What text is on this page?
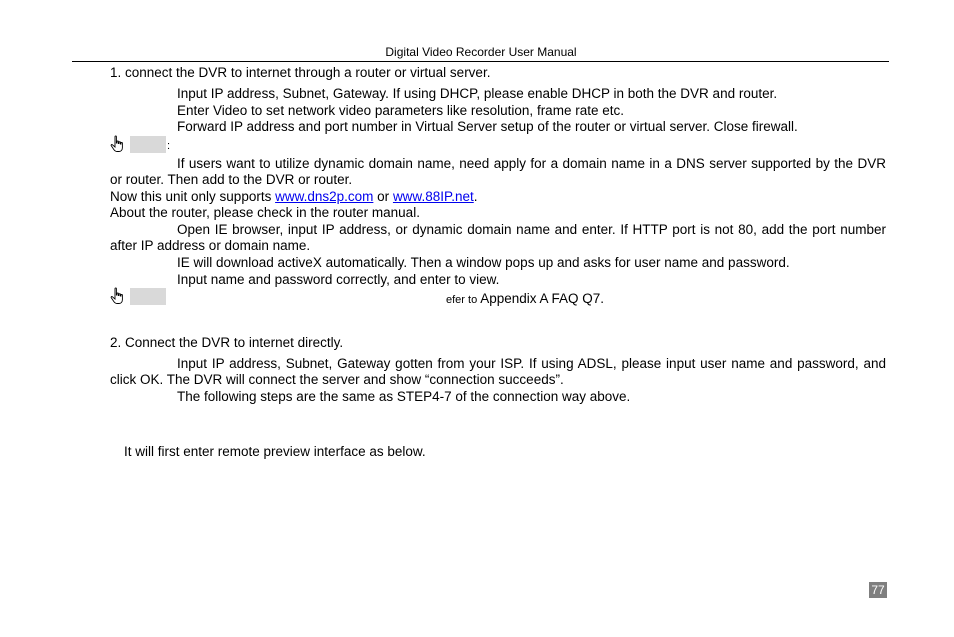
Digital Video Recorder User Manual
1. connect the DVR to internet through a router or virtual server.
Input IP address, Subnet, Gateway. If using DHCP, please enable DHCP in both the DVR and router.
Enter Video to set network video parameters like resolution, frame rate etc.
Forward IP address and port number in Virtual Server setup of the router or virtual server. Close firewall.
:
If users want to utilize dynamic domain name, need apply for a domain name in a DNS server supported by the DVR or router. Then add to the DVR or router.
Now this unit only supports www.dns2p.com or www.88IP.net.
About the router, please check in the router manual.
Open IE browser, input IP address, or dynamic domain name and enter. If HTTP port is not 80, add the port number after IP address or domain name.
IE will download activeX automatically. Then a window pops up and asks for user name and password.
Input name and password correctly, and enter to view.
efer to Appendix A FAQ Q7.
2. Connect the DVR to internet directly.
Input IP address, Subnet, Gateway gotten from your ISP. If using ADSL, please input user name and password, and click OK. The DVR will connect the server and show “connection succeeds”.
The following steps are the same as STEP4-7 of the connection way above.
It will first enter remote preview interface as below.
77
